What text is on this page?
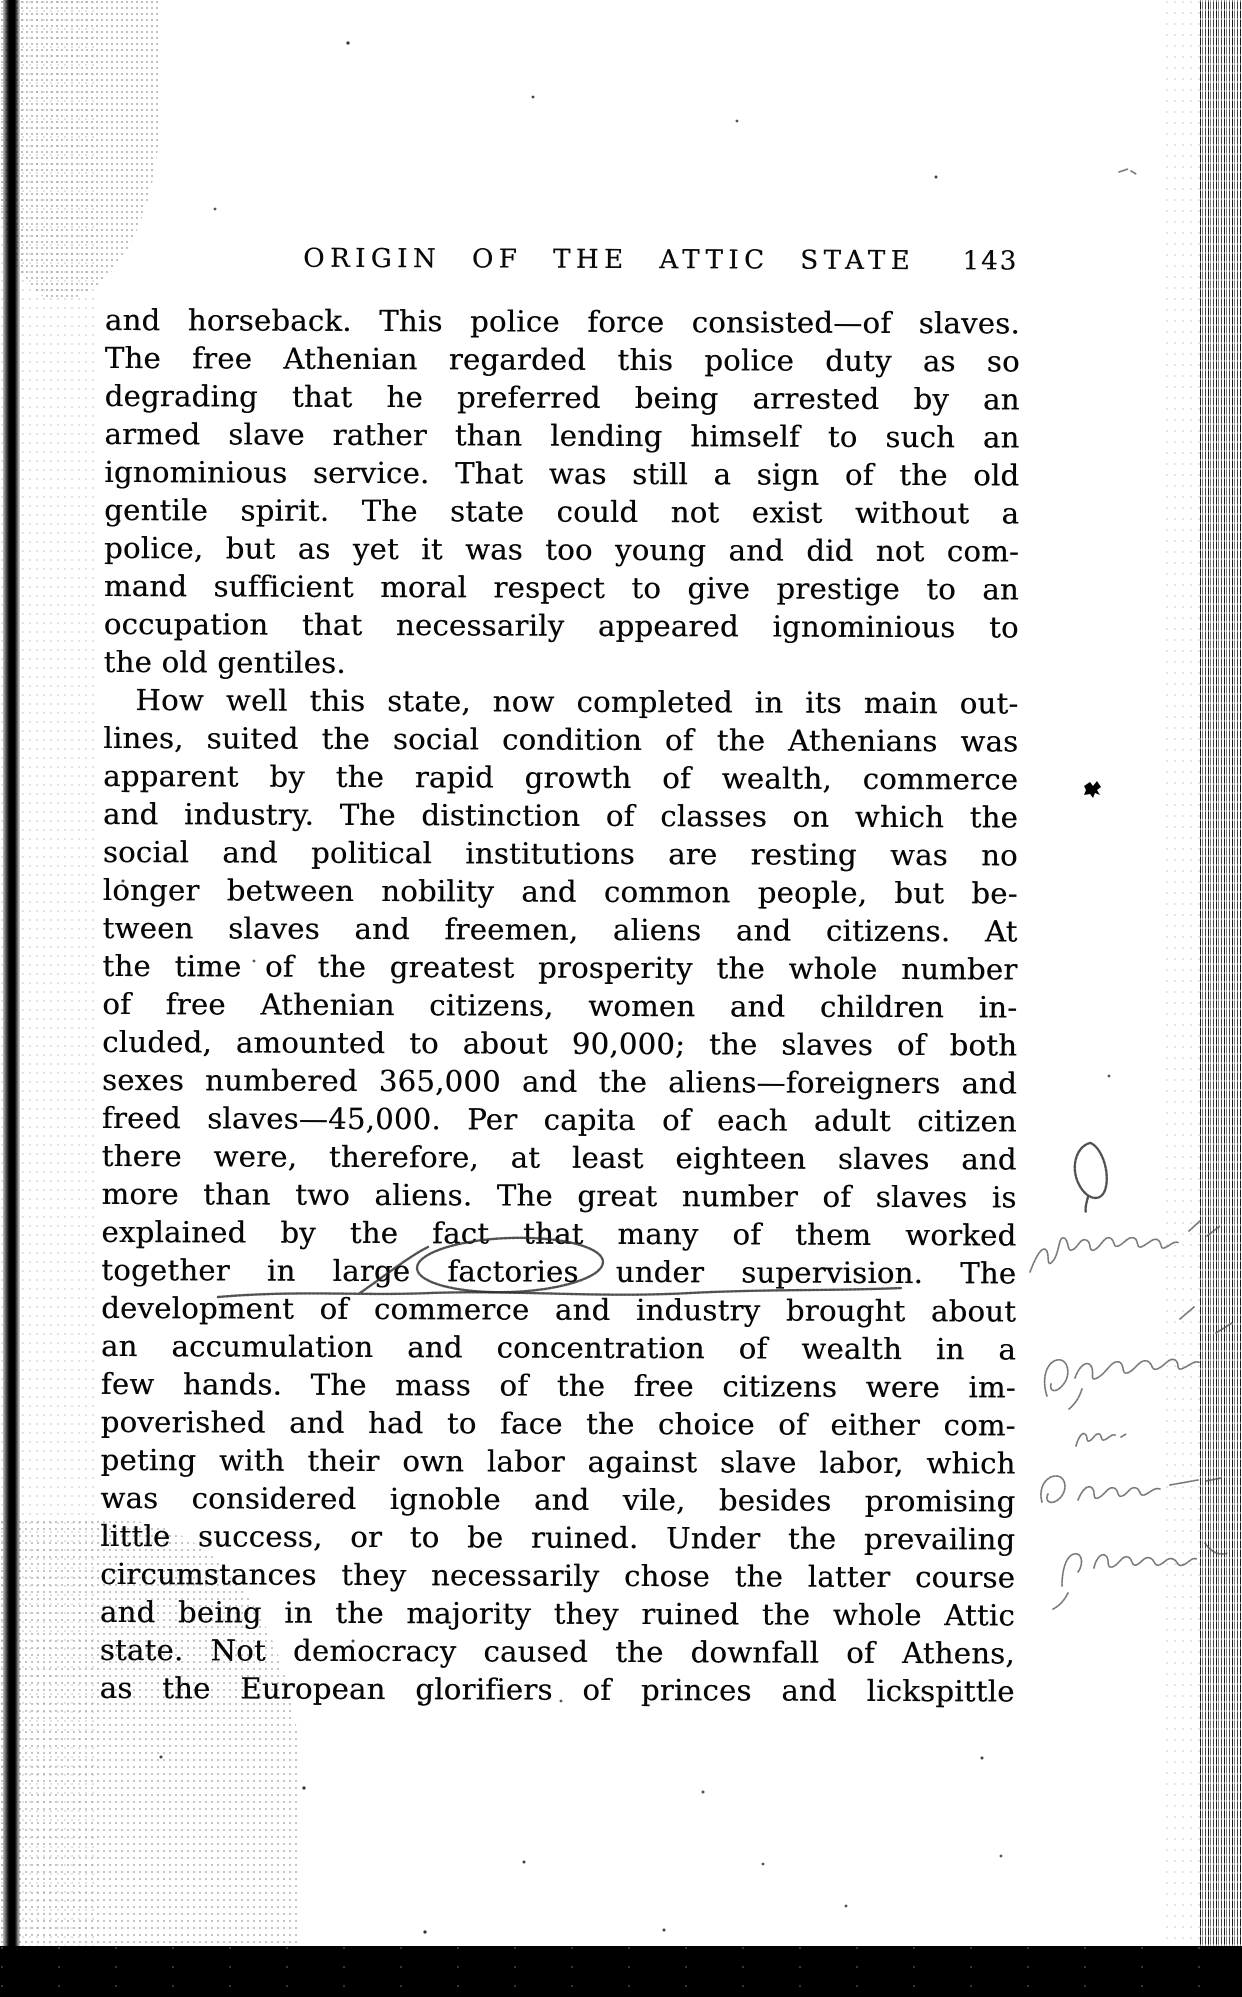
ORIGIN OF THE ATTIC STATE 143
and horseback. This police force consisted—of slaves.
The free Athenian regarded this police duty as so
degrading that he preferred being arrested by an
armed slave rather than lending himself to such an
ignominious service. That was still a sign of the old
gentile spirit. The state could not exist without a
police, but as yet it was too young and did not com-
mand sufficient moral respect to give prestige to an
occupation that necessarily appeared ignominious to
the old gentiles.
How well this state, now completed in its main out-
lines, suited the social condition of the Athenians was
apparent by the rapid growth of wealth, commerce
and industry. The distinction of classes on which the
social and political institutions are resting was no
longer between nobility and common people, but be-
tween slaves and freemen, aliens and citizens. At
the time of the greatest prosperity the whole number
of free Athenian citizens, women and children in-
cluded, amounted to about 90,000; the slaves of both
sexes numbered 365,000 and the aliens—foreigners and
freed slaves—45,000. Per capita of each adult citizen
there were, therefore, at least eighteen slaves and
more than two aliens. The great number of slaves is
explained by the fact that many of them worked
together in large factories under supervision. The
development of commerce and industry brought about
an accumulation and concentration of wealth in a
few hands. The mass of the free citizens were im-
poverished and had to face the choice of either com-
peting with their own labor against slave labor, which
was considered ignoble and vile, besides promising
little success, or to be ruined. Under the prevailing
circumstances they necessarily chose the latter course
and being in the majority they ruined the whole Attic
state. Not democracy caused the downfall of Athens,
as the European glorifiers of princes and lickspittle
